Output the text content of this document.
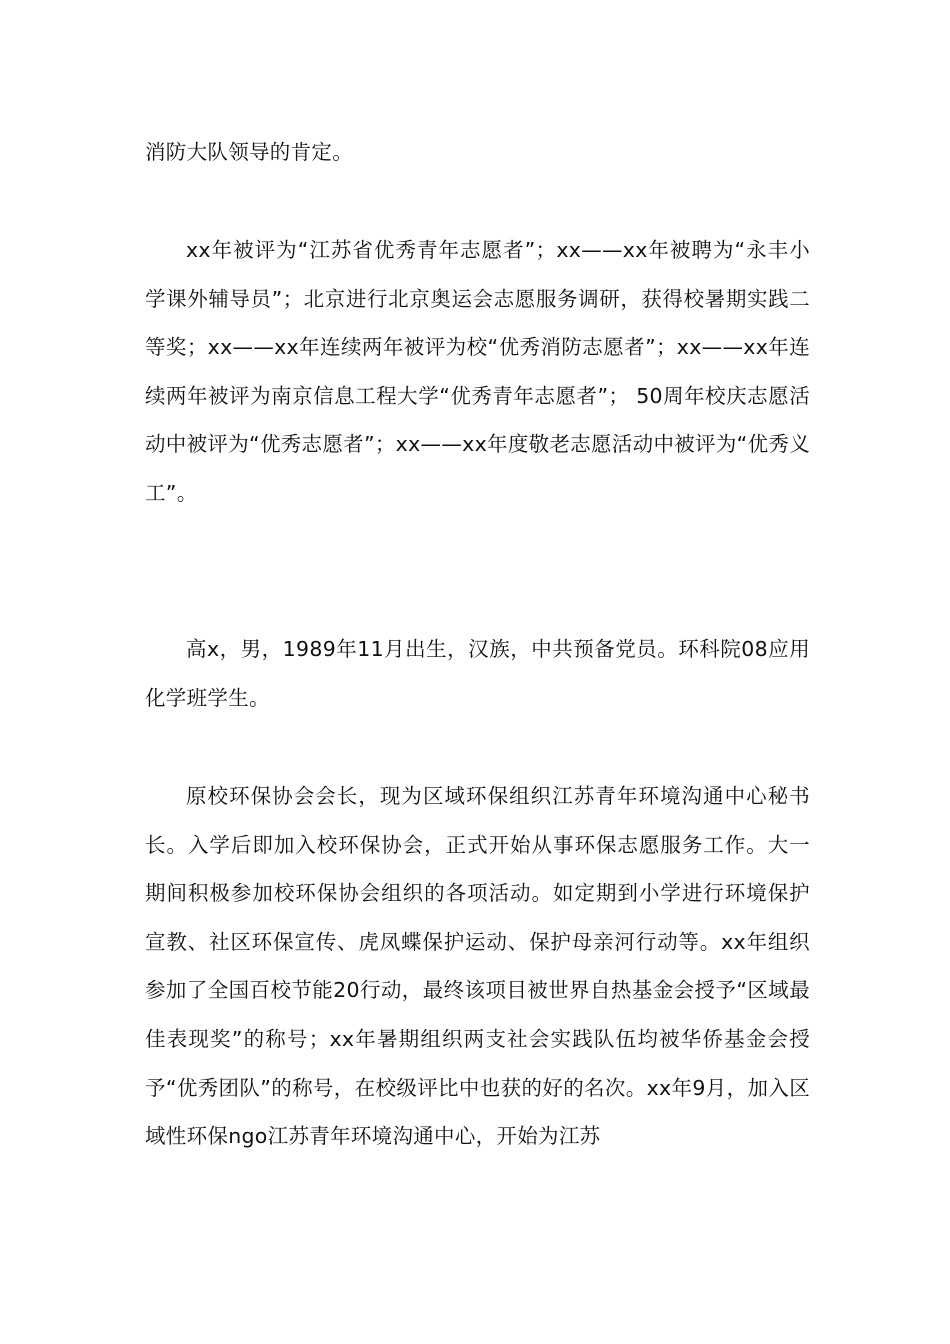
消防大队领导的肯定。

xx年被评为“江苏省优秀青年志愿者”；xx——xx年被聘为“永丰小学课外辅导员”；北京进行北京奥运会志愿服务调研，获得校暑期实践二等奖；xx——xx年连续两年被评为校“优秀消防志愿者”；xx——xx年连续两年被评为南京信息工程大学“优秀青年志愿者”； 50周年校庆志愿活动中被评为“优秀志愿者”；xx——xx年度敬老志愿活动中被评为“优秀义工”。

高x，男，1989年11月出生，汉族，中共预备党员。环科院08应用化学班学生。

原校环保协会会长，现为区域环保组织江苏青年环境沟通中心秘书长。入学后即加入校环保协会，正式开始从事环保志愿服务工作。大一期间积极参加校环保协会组织的各项活动。如定期到小学进行环境保护宣教、社区环保宣传、虎凤蝶保护运动、保护母亲河行动等。xx年组织参加了全国百校节能20行动，最终该项目被世界自热基金会授予“区域最佳表现奖”的称号；xx年暑期组织两支社会实践队伍均被华侨基金会授予“优秀团队”的称号，在校级评比中也获的好的名次。xx年9月，加入区域性环保ngo江苏青年环境沟通中心，开始为江苏
